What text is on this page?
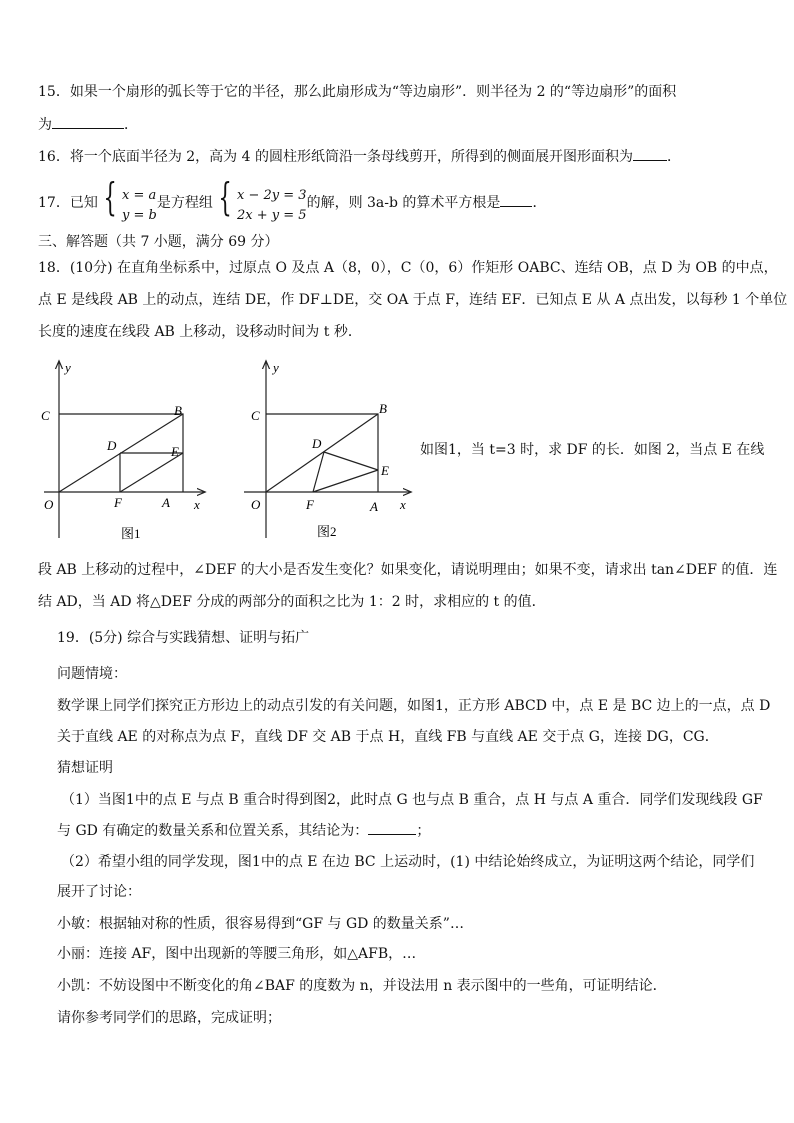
15．如果一个扇形的弧长等于它的半径，那么此扇形成为“等边扇形”．则半径为 2 的“等边扇形”的面积
为	．
16．将一个底面半径为 2，高为 4 的圆柱形纸筒沿一条母线剪开，所得到的侧面展开图形面积为 ．
17．已知 { x = a
y = b
是方程组 { x − 2y = 3
2x + y = 5
的解，则 3a-b 的算术平方根是 ．
三、解答题（共 7 小题，满分 69 分）
18．(10分) 在直角坐标系中，过原点 O 及点 A（8，0），C（0，6）作矩形 OABC、连结 OB，点 D 为 OB 的中点，
点 E 是线段 AB 上的动点，连结 DE，作 DF⊥DE，交 OA 于点 F，连结 EF．已知点 E 从 A 点出发，以每秒 1 个单位
长度的速度在线段 AB 上移动，设移动时间为 t 秒．
y
x
O
C	B
D	E
F	A
图1
y
x
O
C	B
D
E
F	A
图2
如图1，当 t=3 时，求 DF 的长．如图 2，当点 E 在线
段 AB 上移动的过程中，∠DEF 的大小是否发生变化？如果变化，请说明理由；如果不变，请求出 tan∠DEF 的值．连
结 AD，当 AD 将△DEF 分成的两部分的面积之比为 1：2 时，求相应的 t 的值．
19．(5分) 综合与实践猜想、证明与拓广
问题情境：
数学课上同学们探究正方形边上的动点引发的有关问题，如图1，正方形 ABCD 中，点 E 是 BC 边上的一点，点 D
关于直线 AE 的对称点为点 F，直线 DF 交 AB 于点 H，直线 FB 与直线 AE 交于点 G，连接 DG，CG．
猜想证明
（1）当图1中的点 E 与点 B 重合时得到图2，此时点 G 也与点 B 重合，点 H 与点 A 重合．同学们发现线段 GF
与 GD 有确定的数量关系和位置关系，其结论为：	；
（2）希望小组的同学发现，图1中的点 E 在边 BC 上运动时，(1) 中结论始终成立，为证明这两个结论，同学们
展开了讨论：
小敏：根据轴对称的性质，很容易得到“GF 与 GD 的数量关系”…
小丽：连接 AF，图中出现新的等腰三角形，如△AFB，…
小凯：不妨设图中不断变化的角∠BAF 的度数为 n，并设法用 n 表示图中的一些角，可证明结论．
请你参考同学们的思路，完成证明；
